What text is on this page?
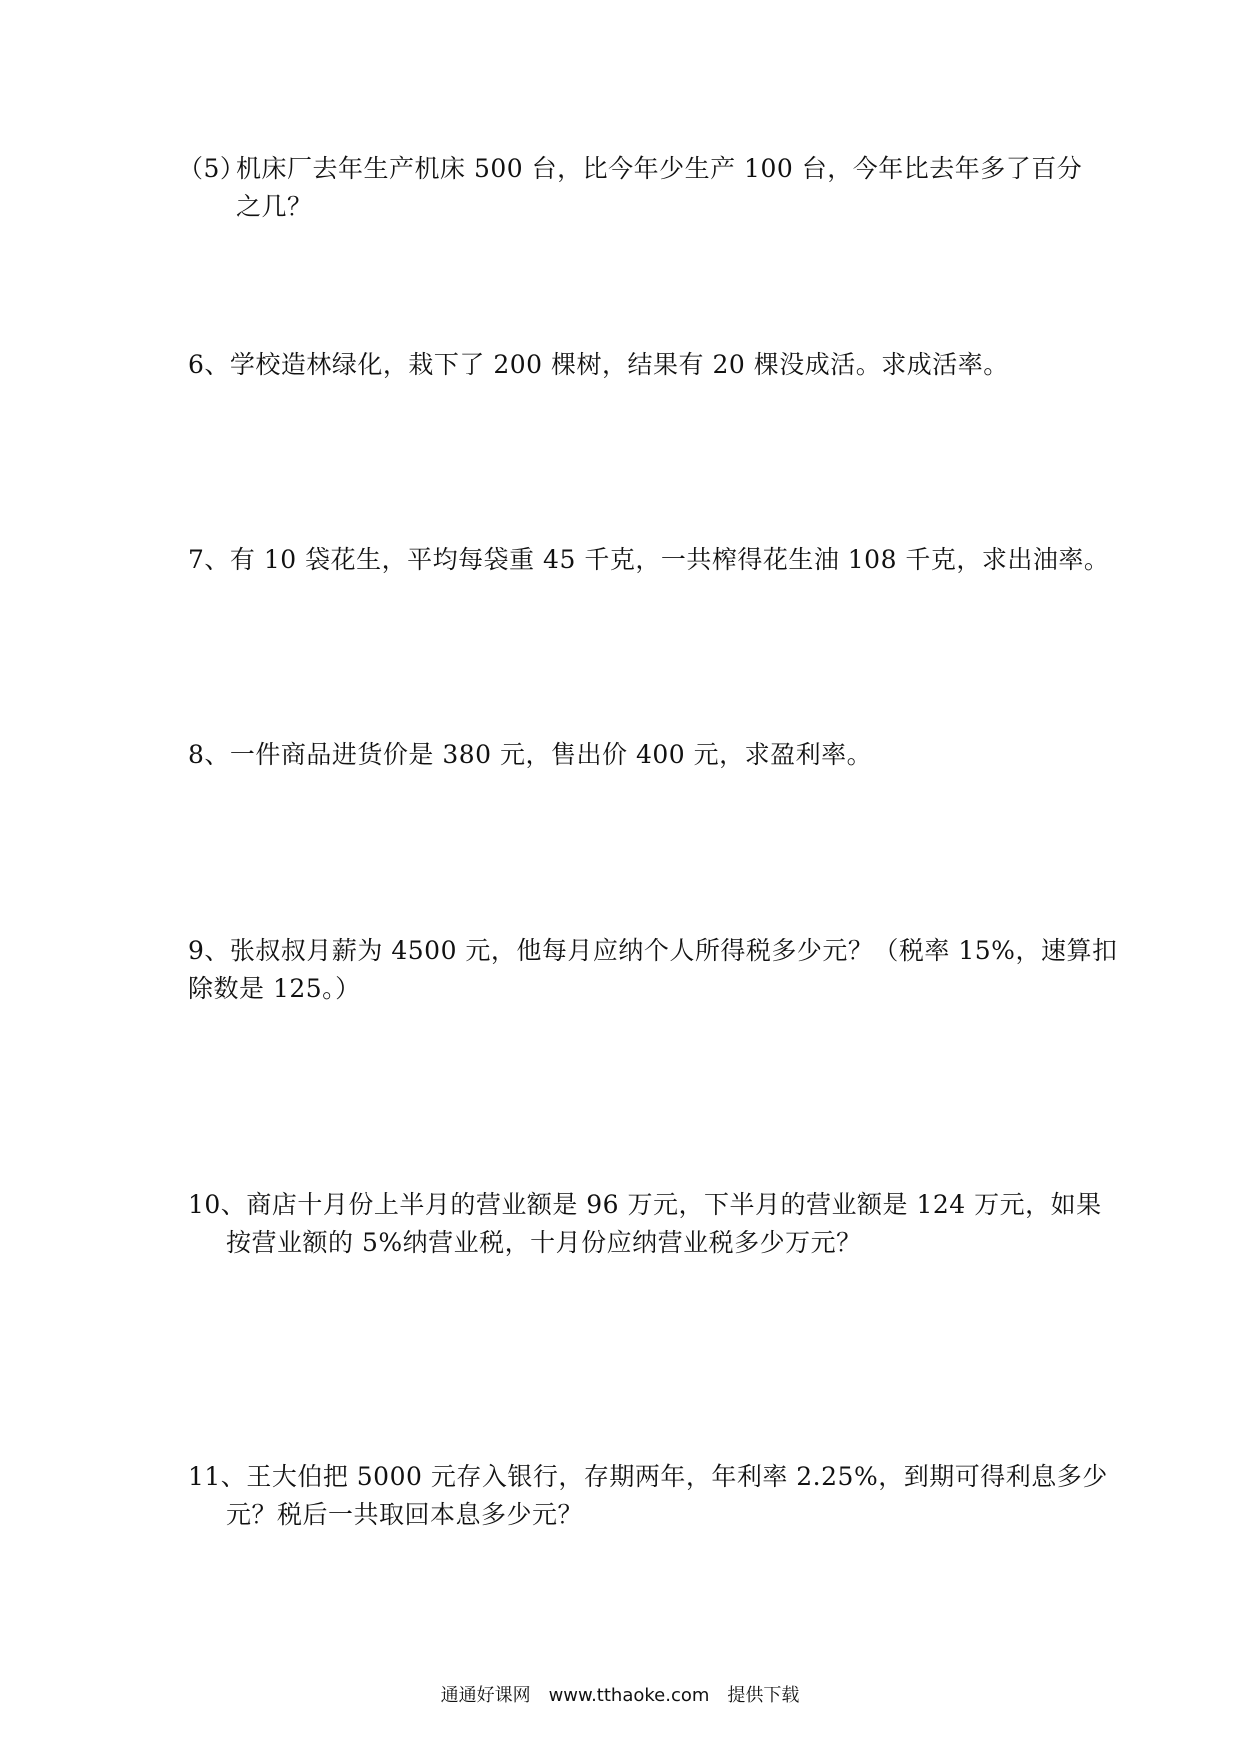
（5）机床厂去年生产机床 500 台，比今年少生产 100 台，今年比去年多了百分
之几？
6、学校造林绿化，栽下了 200 棵树，结果有 20 棵没成活。求成活率。
7、有 10 袋花生，平均每袋重 45 千克，一共榨得花生油 108 千克，求出油率。
8、一件商品进货价是 380 元，售出价 400 元，求盈利率。
9、张叔叔月薪为 4500 元，他每月应纳个人所得税多少元？（税率 15%，速算扣
除数是 125。）
10、商店十月份上半月的营业额是 96 万元，下半月的营业额是 124 万元，如果
按营业额的 5%纳营业税，十月份应纳营业税多少万元？
11、王大伯把 5000 元存入银行，存期两年，年利率 2.25%，到期可得利息多少
元？税后一共取回本息多少元？
通通好课网　www.tthaoke.com　提供下载
